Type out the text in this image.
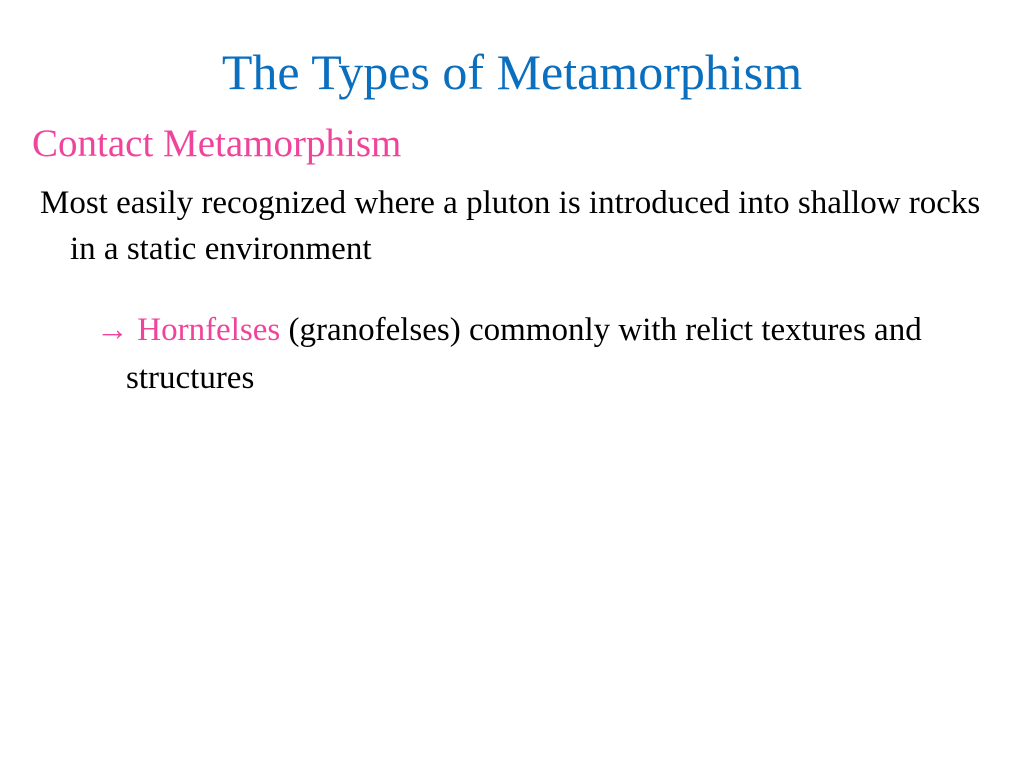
The Types of Metamorphism
Contact Metamorphism

Most easily recognized where a pluton is introduced into shallow rocks in a static environment

→ Hornfelses (granofelses) commonly with relict textures and structures
